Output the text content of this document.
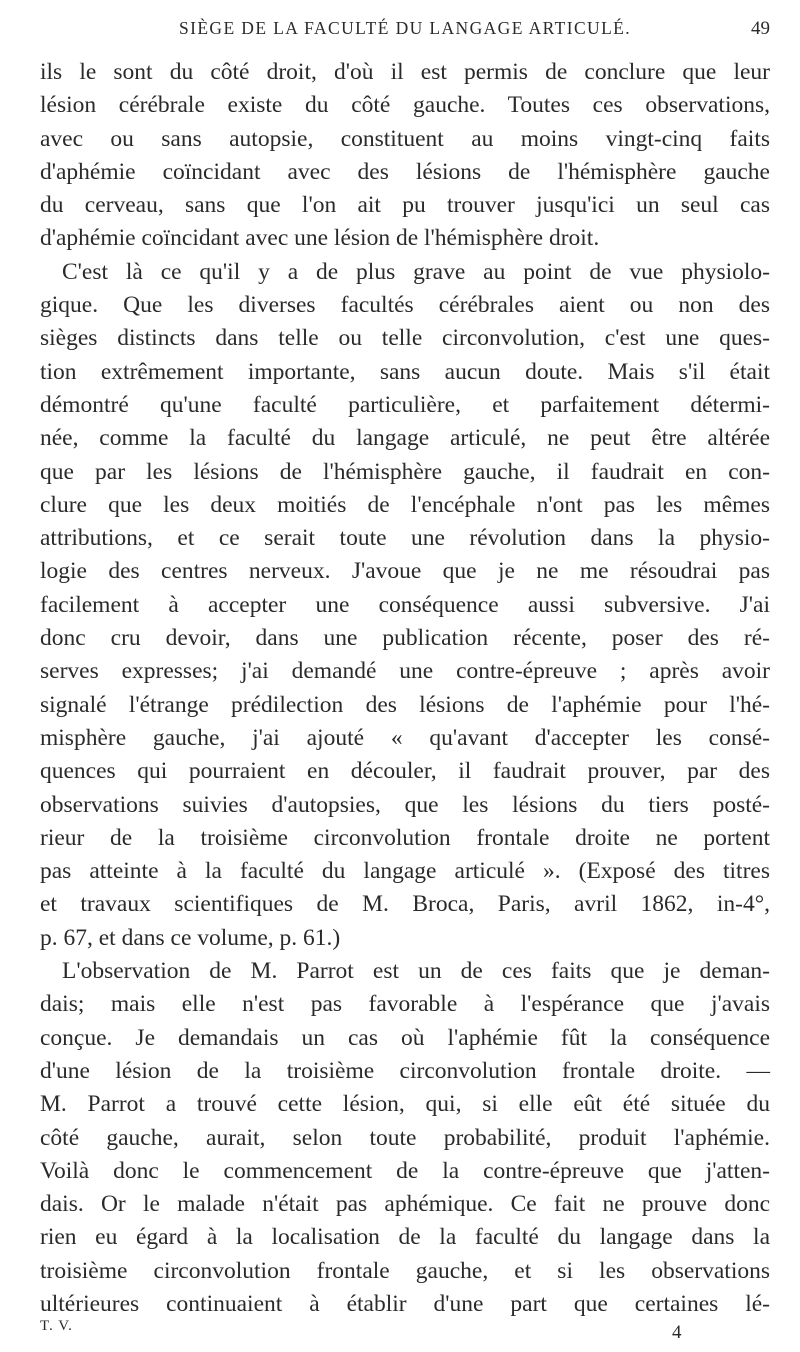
SIÈGE DE LA FACULTÉ DU LANGAGE ARTICULÉ.	49
ils le sont du côté droit, d'où il est permis de conclure que leur
lésion cérébrale existe du côté gauche. Toutes ces observations,
avec ou sans autopsie, constituent au moins vingt-cinq faits
d'aphémie coïncidant avec des lésions de l'hémisphère gauche
du cerveau, sans que l'on ait pu trouver jusqu'ici un seul cas
d'aphémie coïncidant avec une lésion de l'hémisphère droit.
C'est là ce qu'il y a de plus grave au point de vue physiolo-
gique. Que les diverses facultés cérébrales aient ou non des
sièges distincts dans telle ou telle circonvolution, c'est une ques-
tion extrêmement importante, sans aucun doute. Mais s'il était
démontré qu'une faculté particulière, et parfaitement détermi-
née, comme la faculté du langage articulé, ne peut être altérée
que par les lésions de l'hémisphère gauche, il faudrait en con-
clure que les deux moitiés de l'encéphale n'ont pas les mêmes
attributions, et ce serait toute une révolution dans la physio-
logie des centres nerveux. J'avoue que je ne me résoudrai pas
facilement à accepter une conséquence aussi subversive. J'ai
donc cru devoir, dans une publication récente, poser des ré-
serves expresses; j'ai demandé une contre-épreuve ; après avoir
signalé l'étrange prédilection des lésions de l'aphémie pour l'hé-
misphère gauche, j'ai ajouté « qu'avant d'accepter les consé-
quences qui pourraient en découler, il faudrait prouver, par des
observations suivies d'autopsies, que les lésions du tiers posté-
rieur de la troisième circonvolution frontale droite ne portent
pas atteinte à la faculté du langage articulé ». (Exposé des titres
et travaux scientifiques de M. Broca, Paris, avril 1862, in-4°,
p. 67, et dans ce volume, p. 61.)
L'observation de M. Parrot est un de ces faits que je deman-
dais; mais elle n'est pas favorable à l'espérance que j'avais
conçue. Je demandais un cas où l'aphémie fût la conséquence
d'une lésion de la troisième circonvolution frontale droite. —
M. Parrot a trouvé cette lésion, qui, si elle eût été située du
côté gauche, aurait, selon toute probabilité, produit l'aphémie.
Voilà donc le commencement de la contre-épreuve que j'atten-
dais. Or le malade n'était pas aphémique. Ce fait ne prouve donc
rien eu égard à la localisation de la faculté du langage dans la
troisième circonvolution frontale gauche, et si les observations
ultérieures continuaient à établir d'une part que certaines lé-
T. V.	4
